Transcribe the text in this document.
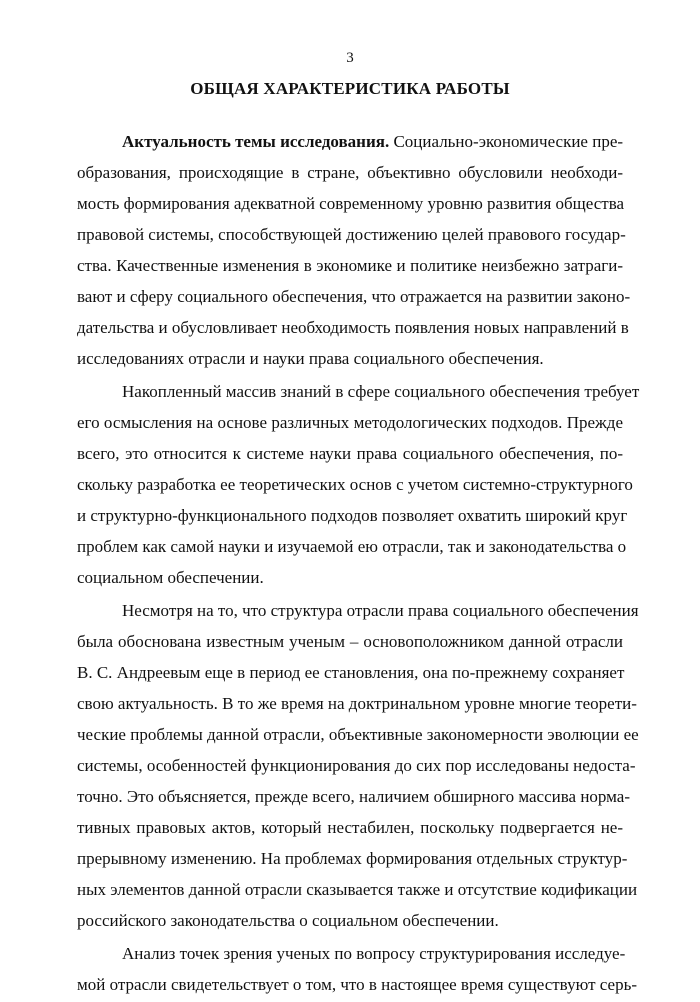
3
ОБЩАЯ ХАРАКТЕРИСТИКА РАБОТЫ
Актуальность темы исследования. Социально-экономические пре-
образования, происходящие в стране, объективно обусловили необходи-
мость формирования адекватной современному уровню развития общества
правовой системы, способствующей достижению целей правового государ-
ства. Качественные изменения в экономике и политике неизбежно затраги-
вают и сферу социального обеспечения, что отражается на развитии законо-
дательства и обусловливает необходимость появления новых направлений в
исследованиях отрасли и науки права социального обеспечения.
Накопленный массив знаний в сфере социального обеспечения требует
его осмысления на основе различных методологических подходов. Прежде
всего, это относится к системе науки права социального обеспечения, по-
скольку разработка ее теоретических основ с учетом системно-структурного
и структурно-функционального подходов позволяет охватить широкий круг
проблем как самой науки и изучаемой ею отрасли, так и законодательства о
социальном обеспечении.
Несмотря на то, что структура отрасли права социального обеспечения
была обоснована известным ученым – основоположником данной отрасли
В. С. Андреевым еще в период ее становления, она по-прежнему сохраняет
свою актуальность. В то же время на доктринальном уровне многие теорети-
ческие проблемы данной отрасли, объективные закономерности эволюции ее
системы, особенностей функционирования до сих пор исследованы недоста-
точно. Это объясняется, прежде всего, наличием обширного массива норма-
тивных правовых актов, который нестабилен, поскольку подвергается не-
прерывному изменению. На проблемах формирования отдельных структур-
ных элементов данной отрасли сказывается также и отсутствие кодификации
российского законодательства о социальном обеспечении.
Анализ точек зрения ученых по вопросу структурирования исследуе-
мой отрасли свидетельствует о том, что в настоящее время существуют серь-
